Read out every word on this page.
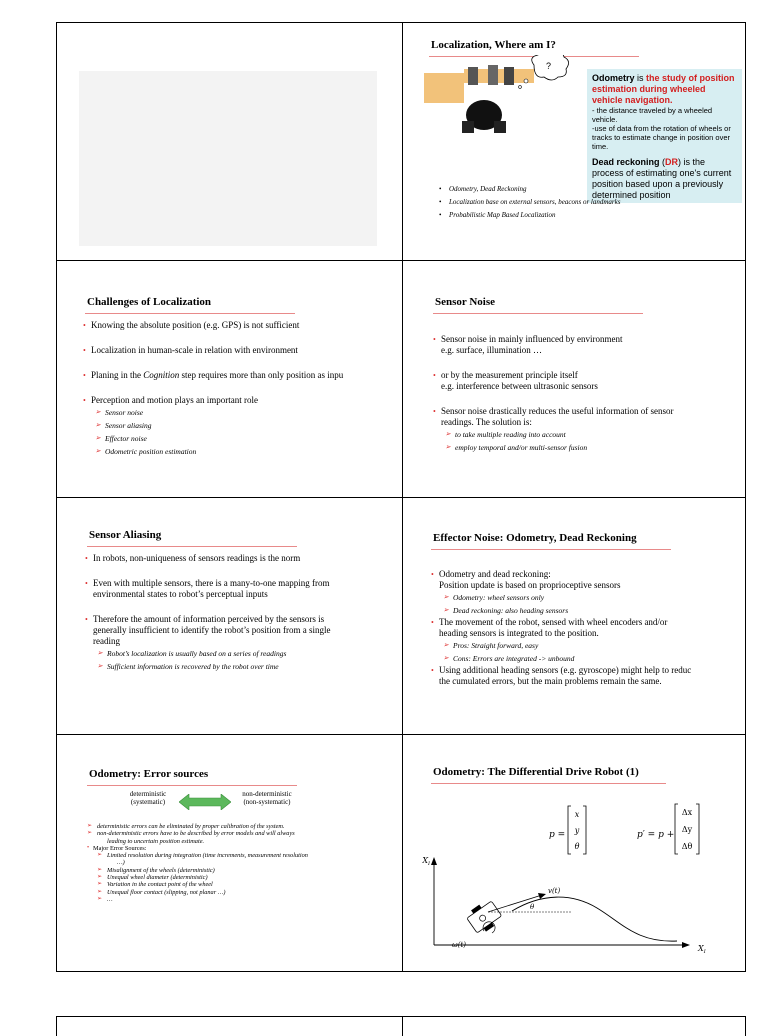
Localization, Where am I?
?
Odometry is the study of position estimation during wheeled vehicle navigation.
- the distance traveled by a wheeled vehicle.
-use of data from the rotation of wheels or tracks to estimate change in position over time.
Dead reckoning (DR) is the process of estimating one's current position based upon a previously determined position
• Odometry, Dead Reckoning
• Localization base on external sensors, beacons or landmarks
• Probabilistic Map Based Localization
Challenges of Localization
• Knowing the absolute position (e.g. GPS) is not sufficient
• Localization in human-scale in relation with environment
• Planing in the Cognition step requires more than only position as inpu
• Perception and motion plays an important role
➢ Sensor noise
➢ Sensor aliasing
➢ Effector noise
➢ Odometric position estimation
Sensor Noise
• Sensor noise in mainly influenced by environment
e.g. surface, illumination …
• or by the measurement principle itself
e.g. interference between ultrasonic sensors
• Sensor noise drastically reduces the useful information of sensor
readings. The solution is:
➢ to take multiple reading into account
➢ employ temporal and/or multi-sensor fusion
Sensor Aliasing
• In robots, non-uniqueness of sensors readings is the norm
• Even with multiple sensors, there is a many-to-one mapping from
environmental states to robot’s perceptual inputs
• Therefore the amount of information perceived by the sensors is
generally insufficient to identify the robot’s position from a single
reading
➢ Robot’s localization is usually based on a series of readings
➢ Sufficient information is recovered by the robot over time
Effector Noise: Odometry, Dead Reckoning
• Odometry and dead reckoning:
Position update is based on proprioceptive sensors
➢ Odometry: wheel sensors only
➢ Dead reckoning: also heading sensors
• The movement of the robot, sensed with wheel encoders and/or
heading sensors is integrated to the position.
➢ Pros: Straight forward, easy
➢ Cons: Errors are integrated -> unbound
• Using additional heading sensors (e.g. gyroscope) might help to reduc
the cumulated errors, but the main problems remain the same.
Odometry: Error sources
deterministic
(systematic)
non-deterministic
(non-systematic)
➢ deterministic errors can be eliminated by proper calibration of the system.
➢ non-deterministic errors have to be described by error models and will always
leading to uncertain position estimate.
• Major Error Sources:
➢ Limited resolution during integration (time increments, measurement resolution
…)
➢ Misalignment of the wheels (deterministic)
➢ Unequal wheel diameter (deterministic)
➢ Variation in the contact point of the wheel
➢ Unequal floor contact (slipping, not planar …)
➢ …
Odometry: The Differential Drive Robot (1)
p =
x
y
θ
p′ = p +
Δx
Δy
Δθ
$X_I$
$X_I$
v(t)
θ
ω(t)
